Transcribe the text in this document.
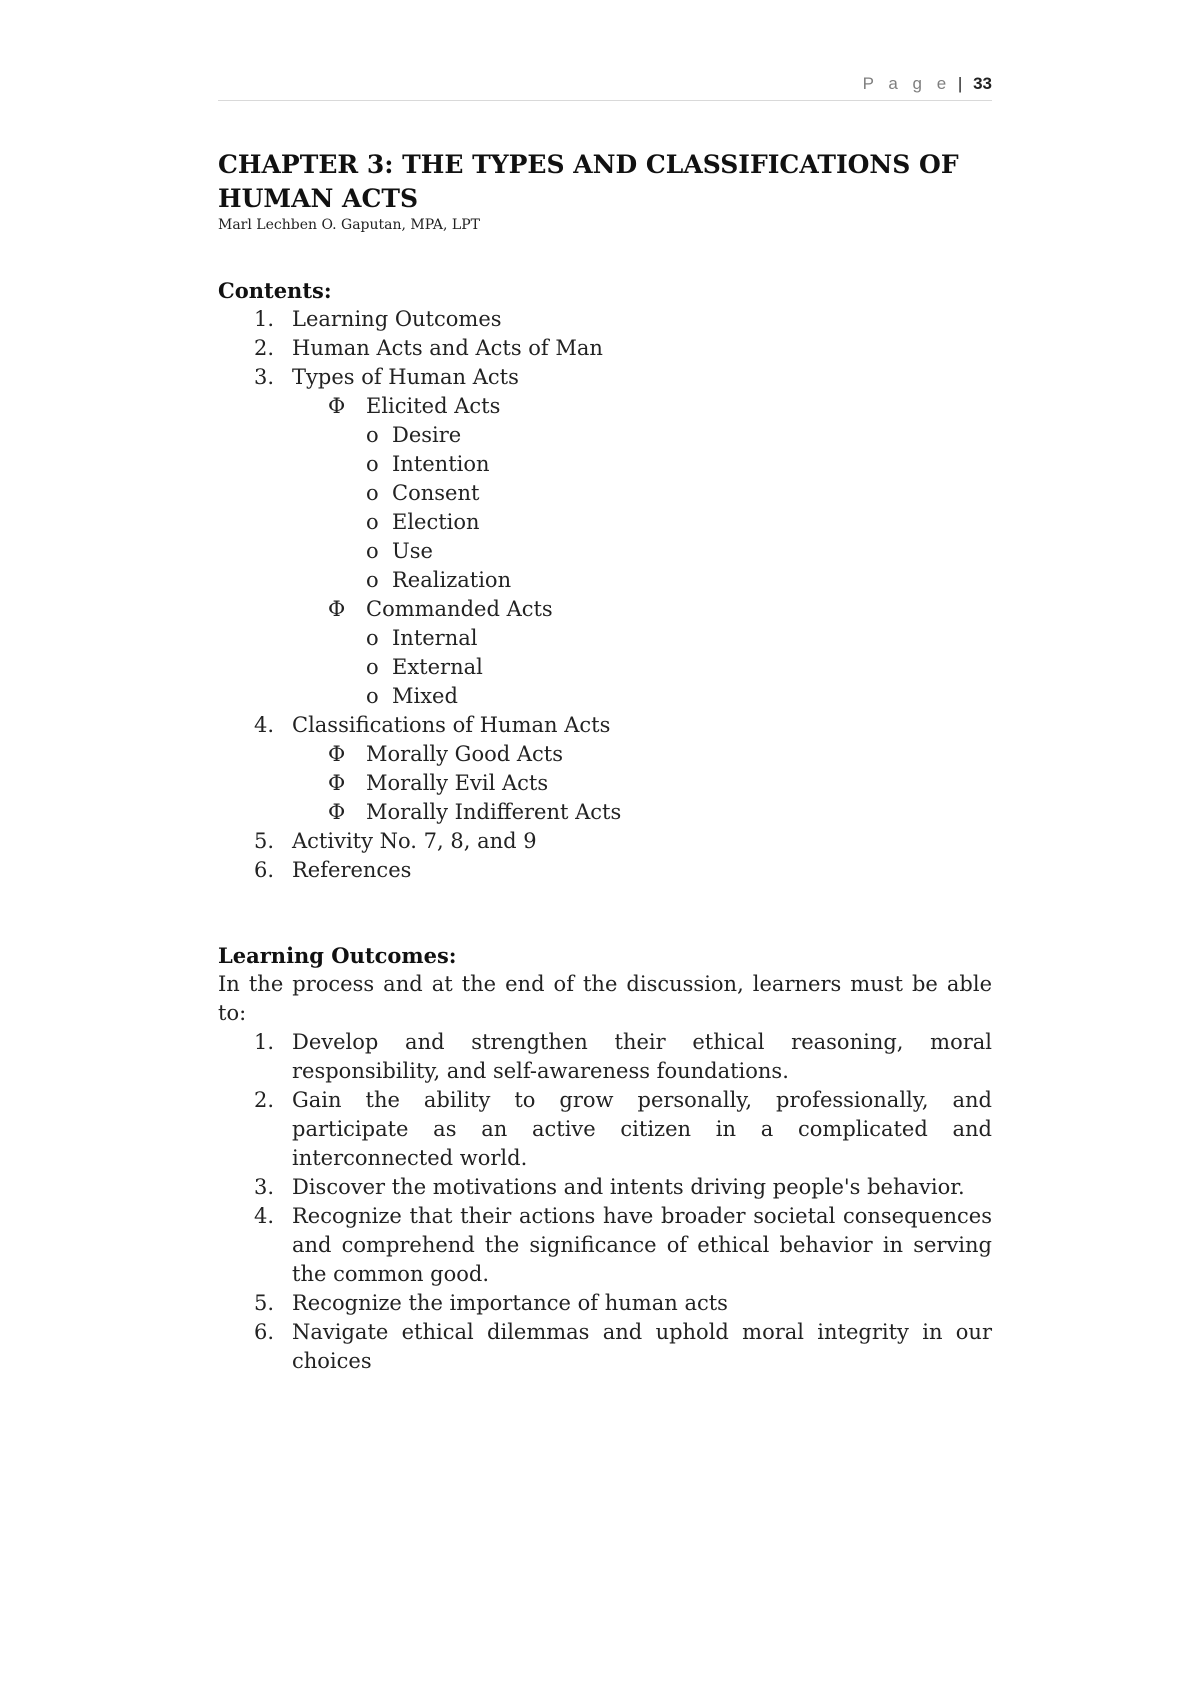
P a g e | 33
CHAPTER 3: THE TYPES AND CLASSIFICATIONS OF HUMAN ACTS

Marl Lechben O. Gaputan, MPA, LPT

Contents:
1. Learning Outcomes
2. Human Acts and Acts of Man
3. Types of Human Acts
Φ Elicited Acts
o Desire
o Intention
o Consent
o Election
o Use
o Realization
Φ Commanded Acts
o Internal
o External
o Mixed
4. Classifications of Human Acts
Φ Morally Good Acts
Φ Morally Evil Acts
Φ Morally Indifferent Acts
5. Activity No. 7, 8, and 9
6. References
Learning Outcomes:

In the process and at the end of the discussion, learners must be able to:

1. Develop and strengthen their ethical reasoning, moral responsibility, and self-awareness foundations.
2. Gain the ability to grow personally, professionally, and participate as an active citizen in a complicated and interconnected world.
3. Discover the motivations and intents driving people's behavior.
4. Recognize that their actions have broader societal consequences and comprehend the significance of ethical behavior in serving the common good.
5. Recognize the importance of human acts
6. Navigate ethical dilemmas and uphold moral integrity in our choices
